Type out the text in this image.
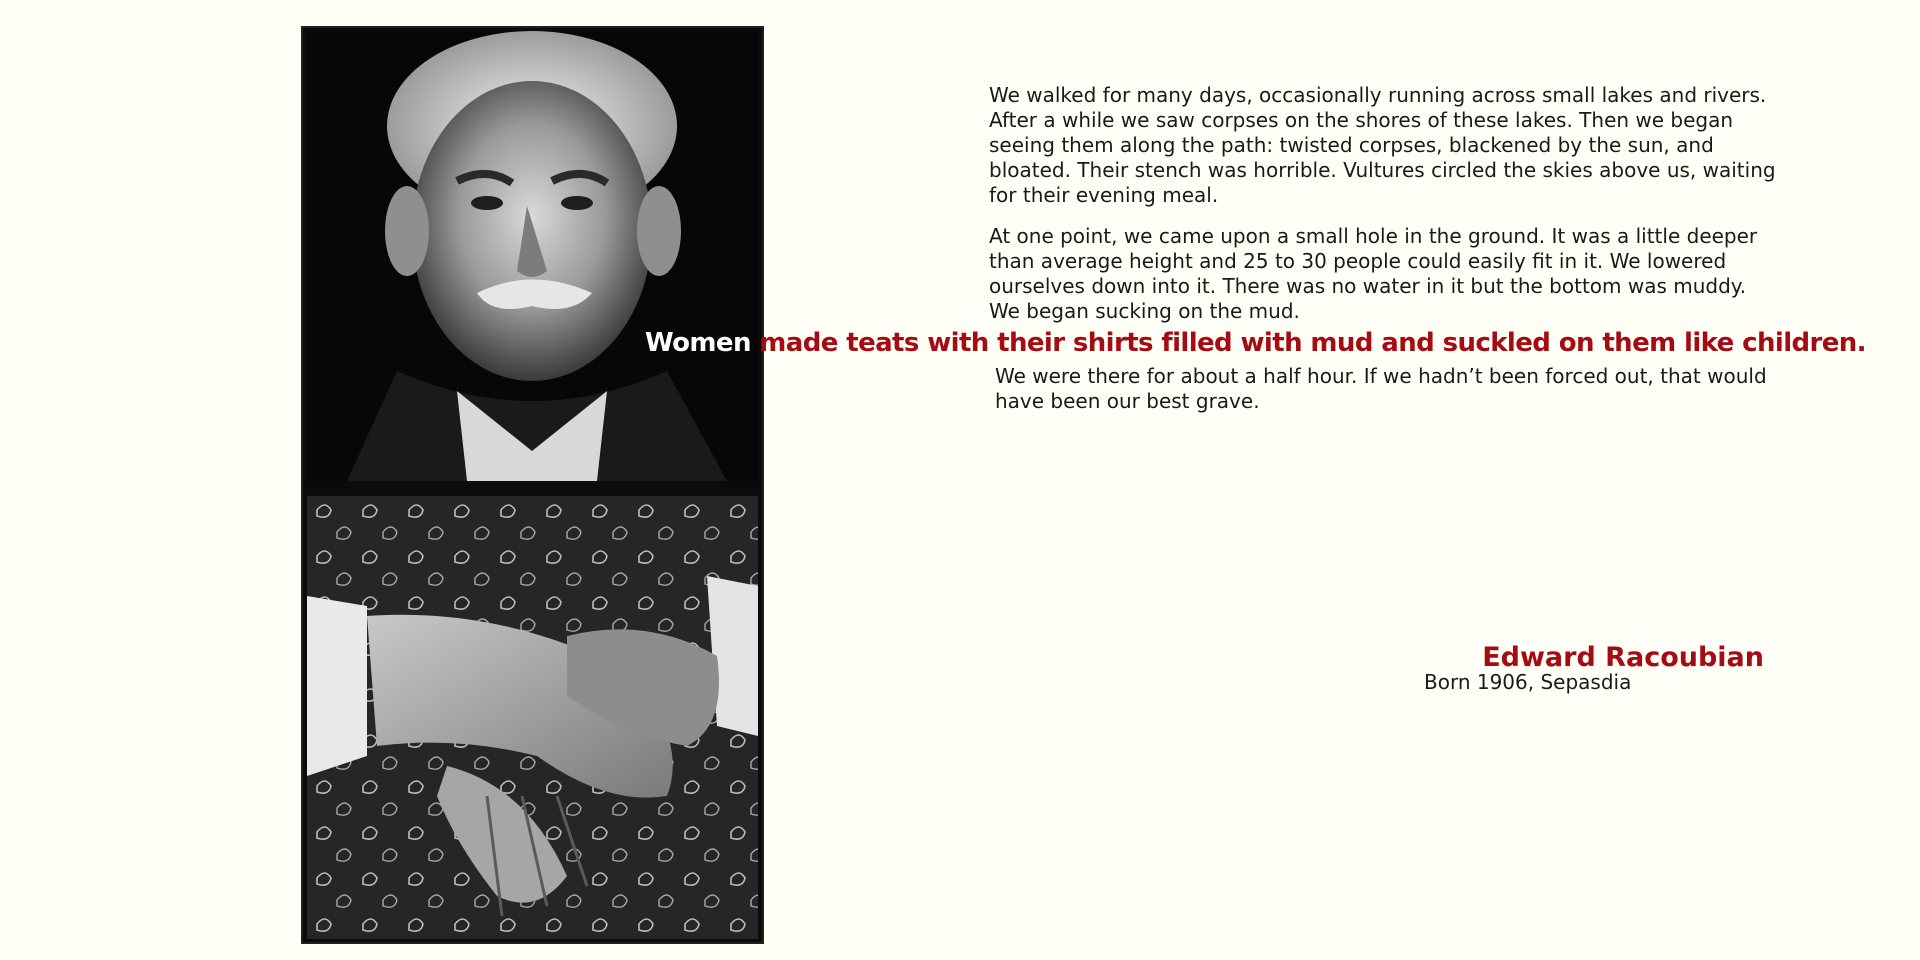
We walked for many days, occasionally running across small lakes and rivers. After a while we saw corpses on the shores of these lakes. Then we began seeing them along the path: twisted corpses, blackened by the sun, and bloated. Their stench was horrible. Vultures circled the skies above us, waiting for their evening meal.
At one point, we came upon a small hole in the ground. It was a little deeper than average height and 25 to 30 people could easily fit in it. We lowered ourselves down into it. There was no water in it but the bottom was muddy. We began sucking on the mud.
Women made teats with their shirts filled with mud and suckled on them like children.
We were there for about a half hour. If we hadn’t been forced out, that would have been our best grave.
Edward Racoubian
Born 1906, Sepasdia
